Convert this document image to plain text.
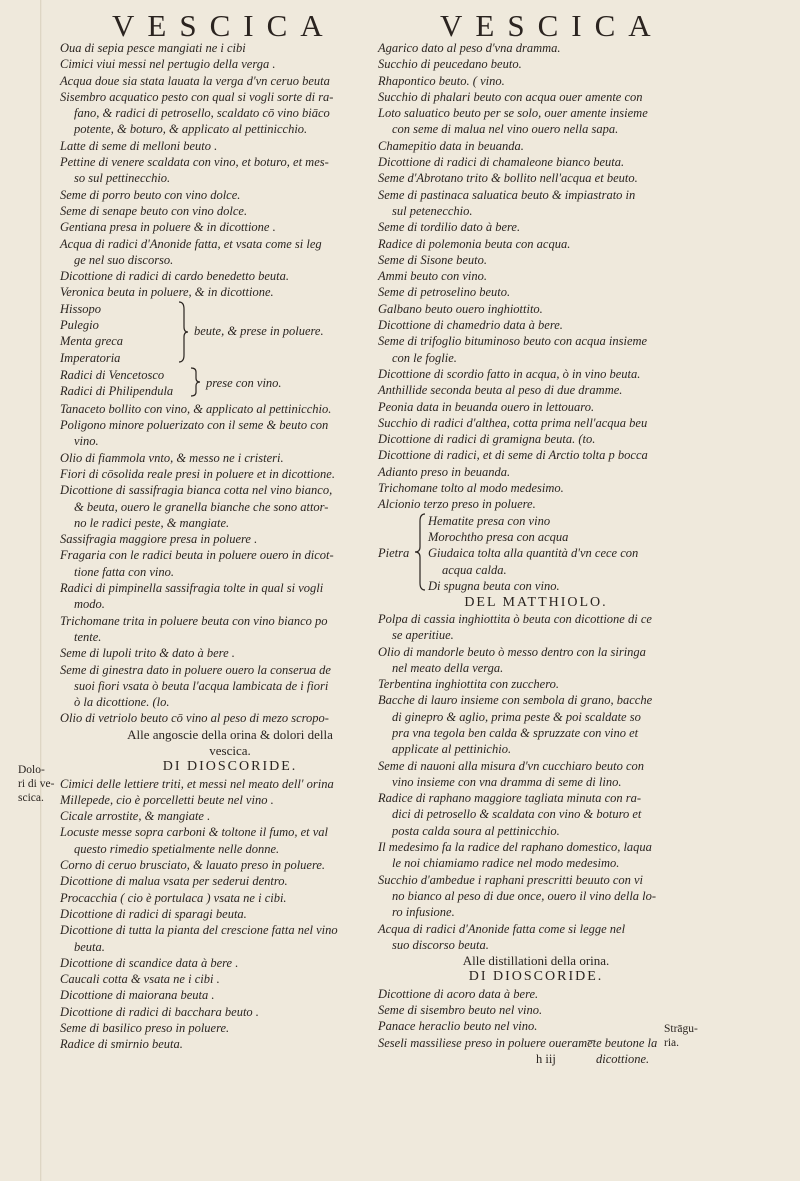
VESCICA	VESCICA
Oua di sepia pesce mangiati ne i cibi
Cimici viui messi nel pertugio della verga .
Acqua doue sia stata lauata la verga d'vn ceruo beuta
Sisembro acquatico pesto con qual si vogli sorte di ra-
fano, & radici di petrosello, scaldato cō vino biāco
potente, & boturo, & applicato al pettinicchio.
Latte di seme di melloni beuto .
Pettine di venere scaldata con vino, et boturo, et mes-
so sul pettinecchio.
Seme di porro beuto con vino dolce.
Seme di senape beuto con vino dolce.
Gentiana presa in poluere & in dicottione .
Acqua di radici d'Anonide fatta, et vsata come si leg
ge nel suo discorso.
Dicottione di radici di cardo benedetto beuta.
Veronica beuta in poluere, & in dicottione.
Hissopo
Pulegio
Menta greca
Imperatoria
beute, & prese in poluere.
Radici di Vencetosco
Radici di Philipendula
prese con vino.
Tanaceto bollito con vino, & applicato al pettinicchio.
Poligono minore poluerizato con il seme & beuto con
vino.
Olio di fiammola vnto, & messo ne i cristeri.
Fiori di cōsolida reale presi in poluere et in dicottione.
Dicottione di sassifragia bianca cotta nel vino bianco,
& beuta, ouero le granella bianche che sono attor-
no le radici peste, & mangiate.
Sassifragia maggiore presa in poluere .
Fragaria con le radici beuta in poluere ouero in dicot-
tione fatta con vino.
Radici di pimpinella sassifragia tolte in qual si vogli
modo.
Trichomane trita in poluere beuta con vino bianco po
tente.
Seme di lupoli trito & dato à bere .
Seme di ginestra dato in poluere ouero la conserua de
suoi fiori vsata ò beuta l'acqua lambicata de i fiori
ò la dicottione. (lo.
Olio di vetriolo beuto cō vino al peso di mezo scropo-
Alle angoscie della orina & dolori della
vescica.
DI DIOSCORIDE.
Cimici delle lettiere triti, et messi nel meato dell' orina
Millepede, cio è porcelletti beute nel vino .
Cicale arrostite, & mangiate .
Locuste messe sopra carboni & toltone il fumo, et val
questo rimedio spetialmente nelle donne.
Corno di ceruo brusciato, & lauato preso in poluere.
Dicottione di malua vsata per sederui dentro.
Procacchia ( cio è portulaca ) vsata ne i cibi.
Dicottione di radici di sparagi beuta.
Dicottione di tutta la pianta del crescione fatta nel vino
beuta.
Dicottione di scandice data à bere .
Caucali cotta & vsata ne i cibi .
Dicottione di maiorana beuta .
Dicottione di radici di bacchara beuto .
Seme di basilico preso in poluere.
Radice di smirnio beuta.
Agarico dato al peso d'vna dramma.
Succhio di peucedano beuto.
Rhapontico beuto. ( vino.
Succhio di phalari beuto con acqua ouer amente con
Loto saluatico beuto per se solo, ouer amente insieme
con seme di malua nel vino ouero nella sapa.
Chamepitio data in beuanda.
Dicottione di radici di chamaleone bianco beuta.
Seme d'Abrotano trito & bollito nell'acqua et beuto.
Seme di pastinaca saluatica beuto & impiastrato in
sul petenecchio.
Seme di tordilio dato à bere.
Radice di polemonia beuta con acqua.
Seme di Sisone beuto.
Ammi beuto con vino.
Seme di petroselino beuto.
Galbano beuto ouero inghiottito.
Dicottione di chamedrio data à bere.
Seme di trifoglio bituminoso beuto con acqua insieme
con le foglie.
Dicottione di scordio fatto in acqua, ò in vino beuta.
Anthillide seconda beuta al peso di due dramme.
Peonia data in beuanda ouero in lettouaro.
Succhio di radici d'althea, cotta prima nell'acqua beu
Dicottione di radici di gramigna beuta. (to.
Dicottione di radici, et di seme di Arctio tolta p bocca
Adianto preso in beuanda.
Trichomane tolto al modo medesimo.
Alcionio terzo preso in poluere.
Pietra
Hematite presa con vino
Morochtho presa con acqua
Giudaica tolta alla quantità d'vn cece con
acqua calda.
Di spugna beuta con vino.
DEL MATTHIOLO.
Polpa di cassia inghiottita ò beuta con dicottione di ce
se aperitiue.
Olio di mandorle beuto ò messo dentro con la siringa
nel meato della verga.
Terbentina inghiottita con zucchero.
Bacche di lauro insieme con sembola di grano, bacche
di ginepro & aglio, prima peste & poi scaldate so
pra vna tegola ben calda & spruzzate con vino et
applicate al pettinichio.
Seme di nauoni alla misura d'vn cucchiaro beuto con
vino insieme con vna dramma di seme di lino.
Radice di raphano maggiore tagliata minuta con ra-
dici di petrosello & scaldata con vino & boturo et
posta calda soura al pettinicchio.
Il medesimo fa la radice del raphano domestico, laqua
le noi chiamiamo radice nel modo medesimo.
Succhio d'ambedue i raphani prescritti beuuto con vi
no bianco al peso di due once, ouero il vino della lo-
ro infusione.
Acqua di radici d'Anonide fatta come si legge nel
suo discorso beuta.
Alle distillationi della orina.
DI DIOSCORIDE.
Dicottione di acoro data à bere.
Seme di sisembro beuto nel vino.
Panace heraclio beuto nel vino.
Seseli massiliese preso in poluere ouerame̅te beutone la
h iij	dicottione.
Dolo-
ri di ve-
scica.
Strāgu-
ria.
